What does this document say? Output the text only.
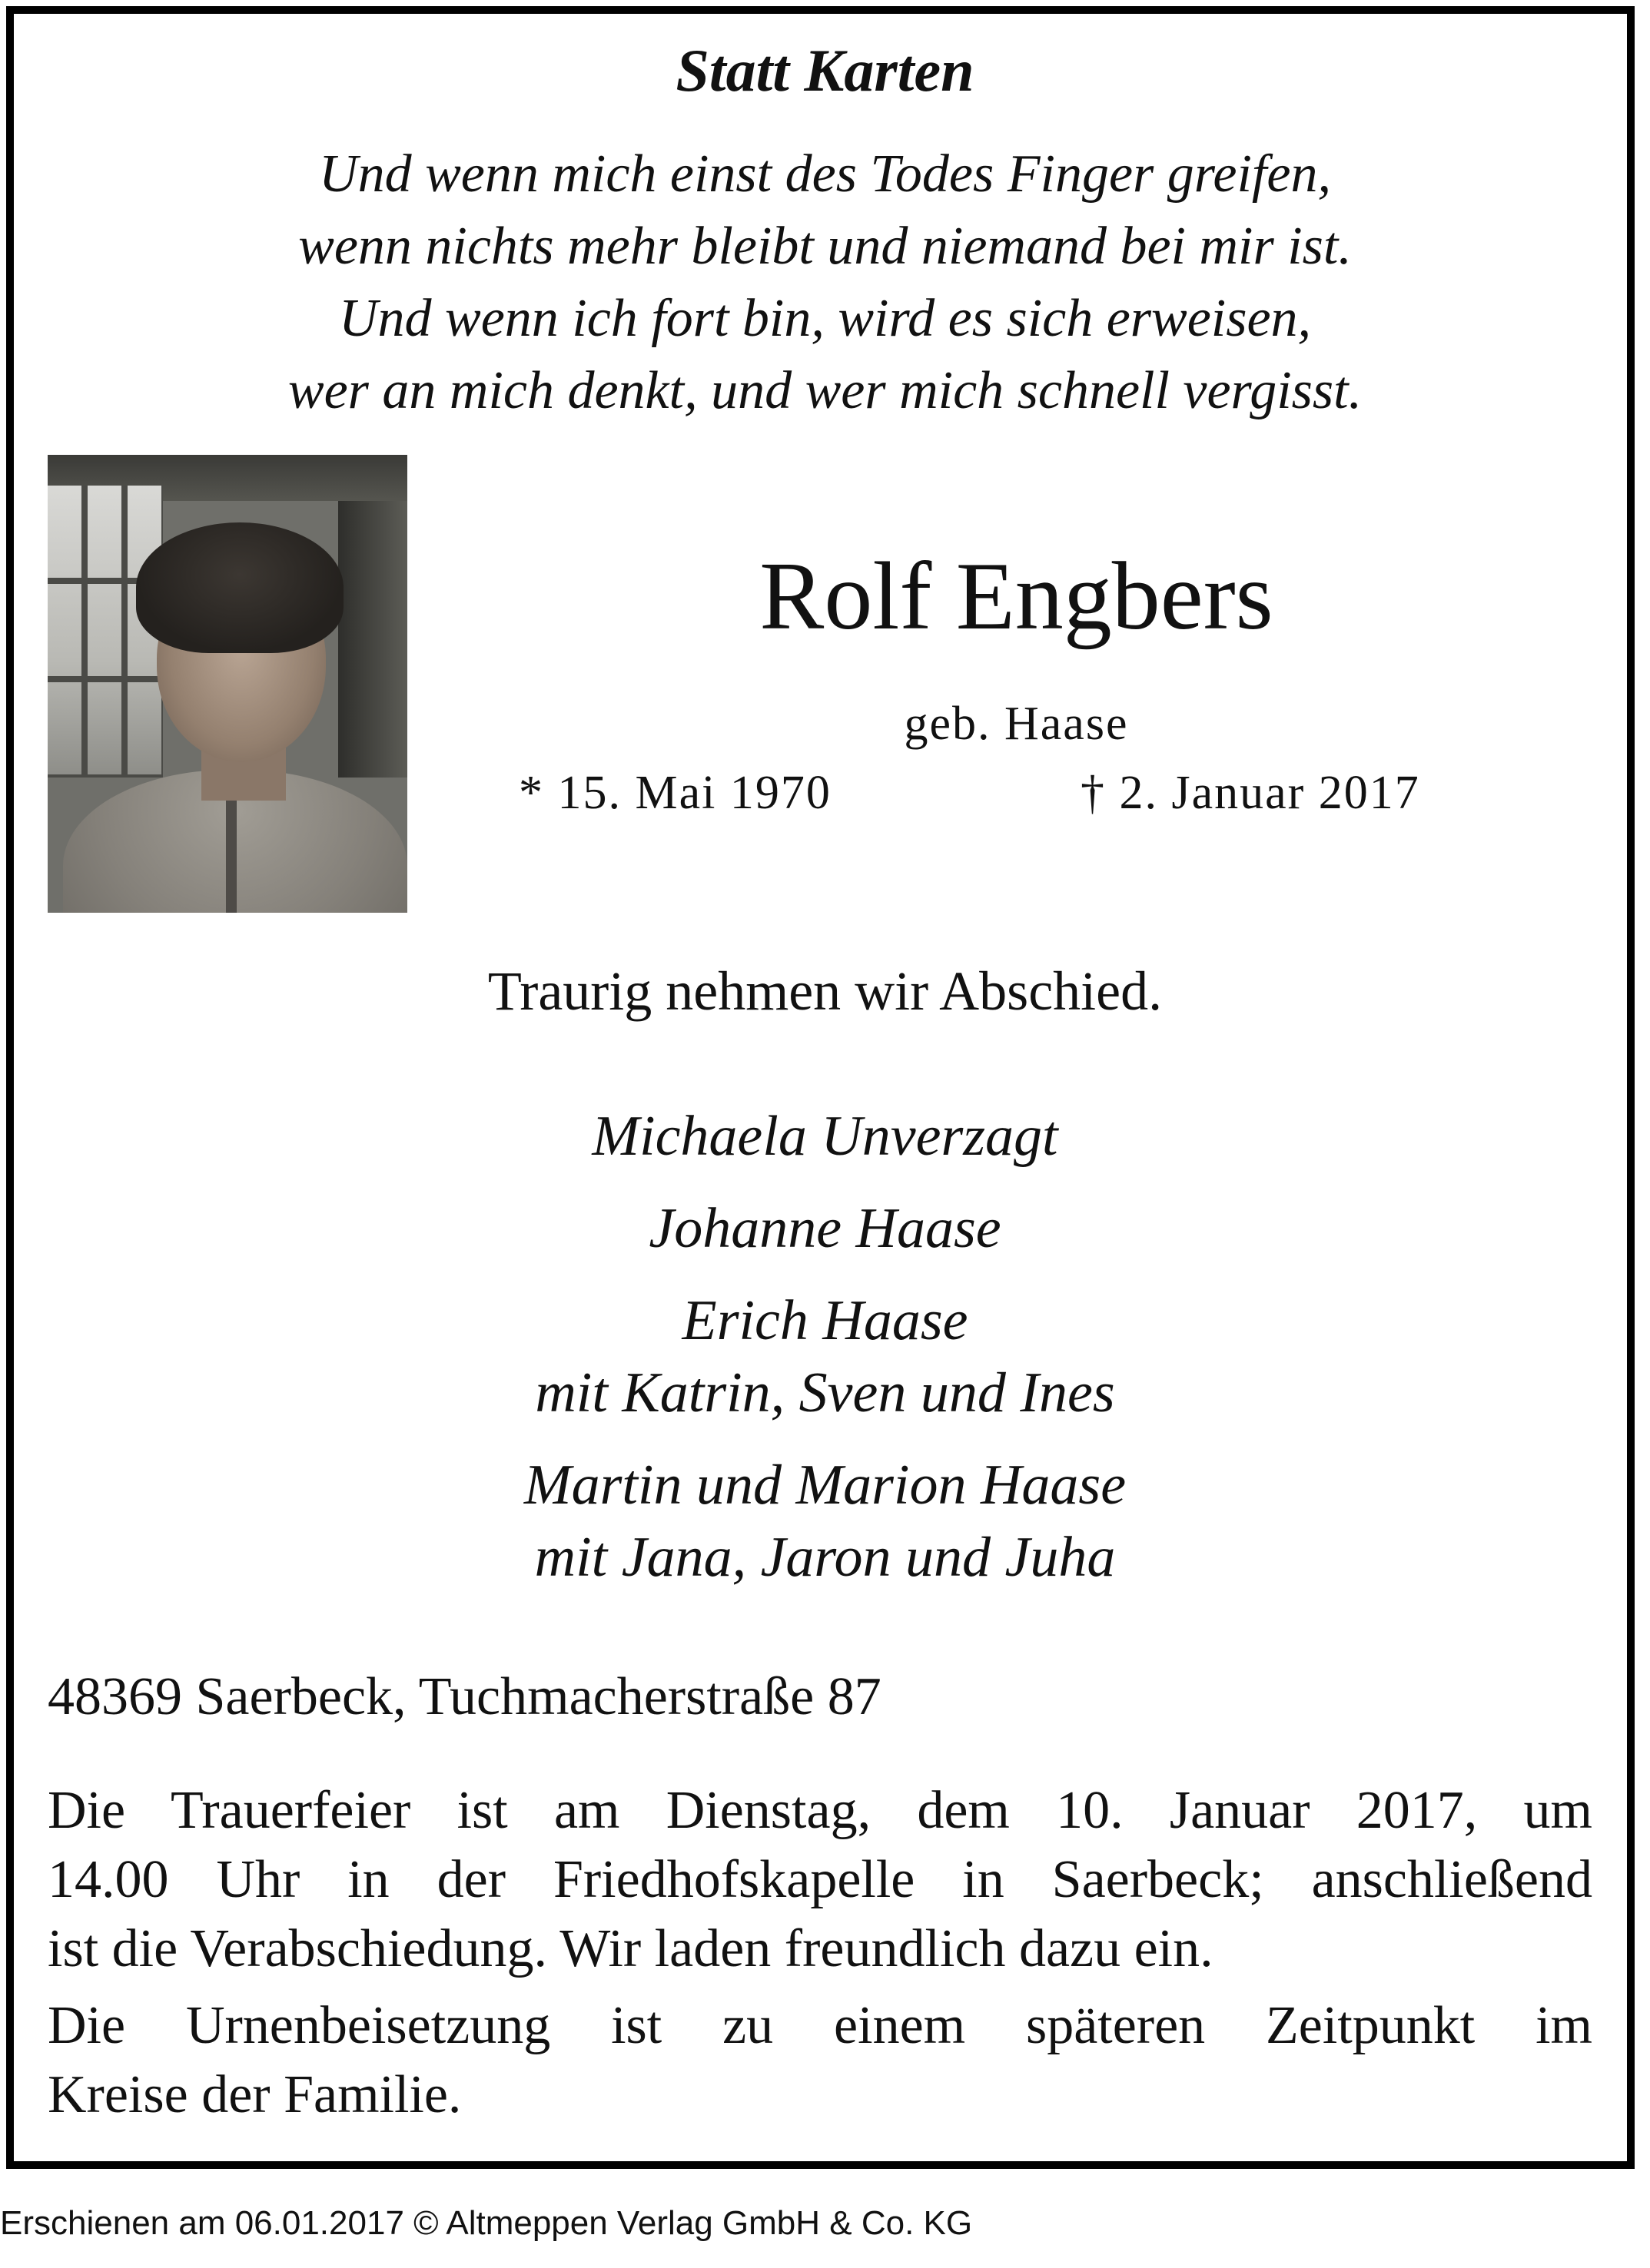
Statt Karten
Und wenn mich einst des Todes Finger greifen,
wenn nichts mehr bleibt und niemand bei mir ist.
Und wenn ich fort bin, wird es sich erweisen,
wer an mich denkt, und wer mich schnell vergisst.
Rolf Engbers
geb. Haase
* 15. Mai 1970	† 2. Januar 2017
Traurig nehmen wir Abschied.
Michaela Unverzagt
Johanne Haase
Erich Haase
mit Katrin, Sven und Ines
Martin und Marion Haase
mit Jana, Jaron und Juha
48369 Saerbeck, Tuchmacherstraße 87
Die Trauerfeier ist am Dienstag, dem 10. Januar 2017, um
14.00 Uhr in der Friedhofskapelle in Saerbeck; anschließend
ist die Verabschiedung. Wir laden freundlich dazu ein.
Die Urnenbeisetzung ist zu einem späteren Zeitpunkt im
Kreise der Familie.
Erschienen am 06.01.2017 © Altmeppen Verlag GmbH & Co. KG
